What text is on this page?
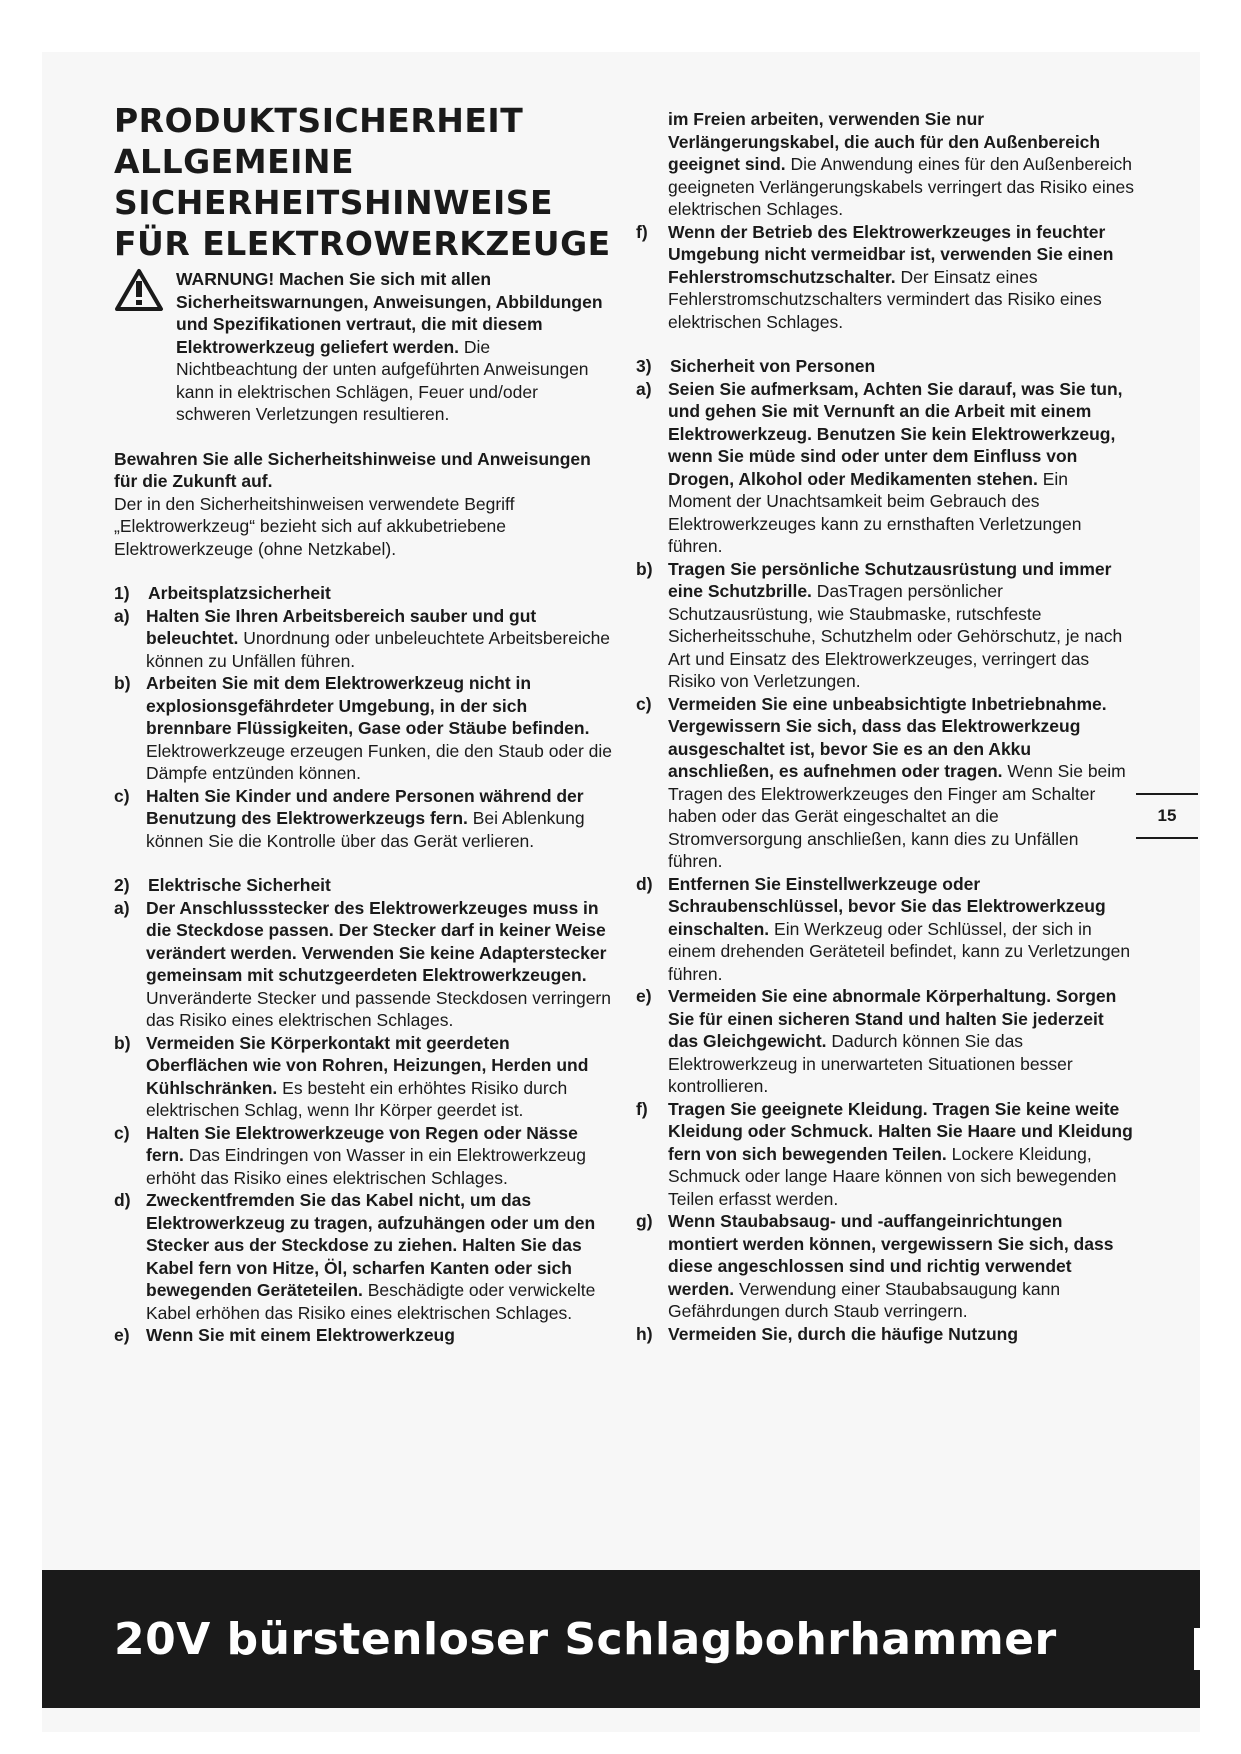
PRODUKTSICHERHEIT
ALLGEMEINE
SICHERHEITSHINWEISE
FÜR ELEKTROWERKZEUGE

WARNUNG! Machen Sie sich mit allen Sicherheitswarnungen, Anweisungen, Abbildungen und Spezifikationen vertraut, die mit diesem Elektrowerkzeug geliefert werden. Die Nichtbeachtung der unten aufgeführten Anweisungen kann in elektrischen Schlägen, Feuer und/oder schweren Verletzungen resultieren.

Bewahren Sie alle Sicherheitshinweise und Anweisungen für die Zukunft auf.
Der in den Sicherheitshinweisen verwendete Begriff „Elektrowerkzeug“ bezieht sich auf akkubetriebene Elektrowerkzeuge (ohne Netzkabel).
1)	Arbeitsplatzsicherheit
a) Halten Sie Ihren Arbeitsbereich sauber und gut beleuchtet. Unordnung oder unbeleuchtete Arbeitsbereiche können zu Unfällen führen.
b) Arbeiten Sie mit dem Elektrowerkzeug nicht in explosionsgefährdeter Umgebung, in der sich brennbare Flüssigkeiten, Gase oder Stäube befinden. Elektrowerkzeuge erzeugen Funken, die den Staub oder die Dämpfe entzünden können.
c) Halten Sie Kinder und andere Personen während der Benutzung des Elektrowerkzeugs fern. Bei Ablenkung können Sie die Kontrolle über das Gerät verlieren.
2)	Elektrische Sicherheit
a) Der Anschlussstecker des Elektrowerkzeuges muss in die Steckdose passen. Der Stecker darf in keiner Weise verändert werden. Verwenden Sie keine Adapterstecker gemeinsam mit schutzgeerdeten Elektrowerkzeugen. Unveränderte Stecker und passende Steckdosen verringern das Risiko eines elektrischen Schlages.
b) Vermeiden Sie Körperkontakt mit geerdeten Oberflächen wie von Rohren, Heizungen, Herden und Kühlschränken. Es besteht ein erhöhtes Risiko durch elektrischen Schlag, wenn Ihr Körper geerdet ist.
c) Halten Sie Elektrowerkzeuge von Regen oder Nässe fern. Das Eindringen von Wasser in ein Elektrowerkzeug erhöht das Risiko eines elektrischen Schlages.
d) Zweckentfremden Sie das Kabel nicht, um das Elektrowerkzeug zu tragen, aufzuhängen oder um den Stecker aus der Steckdose zu ziehen. Halten Sie das Kabel fern von Hitze, Öl, scharfen Kanten oder sich bewegenden Geräteteilen. Beschädigte oder verwickelte Kabel erhöhen das Risiko eines elektrischen Schlages.
e) Wenn Sie mit einem Elektrowerkzeug
im Freien arbeiten, verwenden Sie nur Verlängerungskabel, die auch für den Außenbereich geeignet sind. Die Anwendung eines für den Außenbereich geeigneten Verlängerungskabels verringert das Risiko eines elektrischen Schlages.
f)	Wenn der Betrieb des Elektrowerkzeuges in feuchter Umgebung nicht vermeidbar ist, verwenden Sie einen Fehlerstromschutzschalter. Der Einsatz eines Fehlerstromschutzschalters vermindert das Risiko eines elektrischen Schlages.
3)	Sicherheit von Personen
a) Seien Sie aufmerksam, Achten Sie darauf, was Sie tun, und gehen Sie mit Vernunft an die Arbeit mit einem Elektrowerkzeug. Benutzen Sie kein Elektrowerkzeug, wenn Sie müde sind oder unter dem Einfluss von Drogen, Alkohol oder Medikamenten stehen. Ein Moment der Unachtsamkeit beim Gebrauch des Elektrowerkzeuges kann zu ernsthaften Verletzungen führen.
b) Tragen Sie persönliche Schutzausrüstung und immer eine Schutzbrille. DasTragen persönlicher Schutzausrüstung, wie Staubmaske, rutschfeste Sicherheitsschuhe, Schutzhelm oder Gehörschutz, je nach Art und Einsatz des Elektrowerkzeuges, verringert das Risiko von Verletzungen.
c) Vermeiden Sie eine unbeabsichtigte Inbetriebnahme. Vergewissern Sie sich, dass das Elektrowerkzeug ausgeschaltet ist, bevor Sie es an den Akku anschließen, es aufnehmen oder tragen. Wenn Sie beim Tragen des Elektrowerkzeuges den Finger am Schalter haben oder das Gerät eingeschaltet an die Stromversorgung anschließen, kann dies zu Unfällen führen.
d) Entfernen Sie Einstellwerkzeuge oder Schraubenschlüssel, bevor Sie das Elektrowerkzeug einschalten. Ein Werkzeug oder Schlüssel, der sich in einem drehenden Geräteteil befindet, kann zu Verletzungen führen.
e) Vermeiden Sie eine abnormale Körperhaltung. Sorgen Sie für einen sicheren Stand und halten Sie jederzeit das Gleichgewicht. Dadurch können Sie das Elektrowerkzeug in unerwarteten Situationen besser kontrollieren.
f)	Tragen Sie geeignete Kleidung. Tragen Sie keine weite Kleidung oder Schmuck. Halten Sie Haare und Kleidung fern von sich bewegenden Teilen. Lockere Kleidung, Schmuck oder lange Haare können von sich bewegenden Teilen erfasst werden.
g) Wenn Staubabsaug- und -auffangeinrichtungen montiert werden können, vergewissern Sie sich, dass diese angeschlossen sind und richtig verwendet werden. Verwendung einer Staubabsaugung kann Gefährdungen durch Staub verringern.
h) Vermeiden Sie, durch die häufige Nutzung
15
20V bürstenloser Schlagbohrhammer
